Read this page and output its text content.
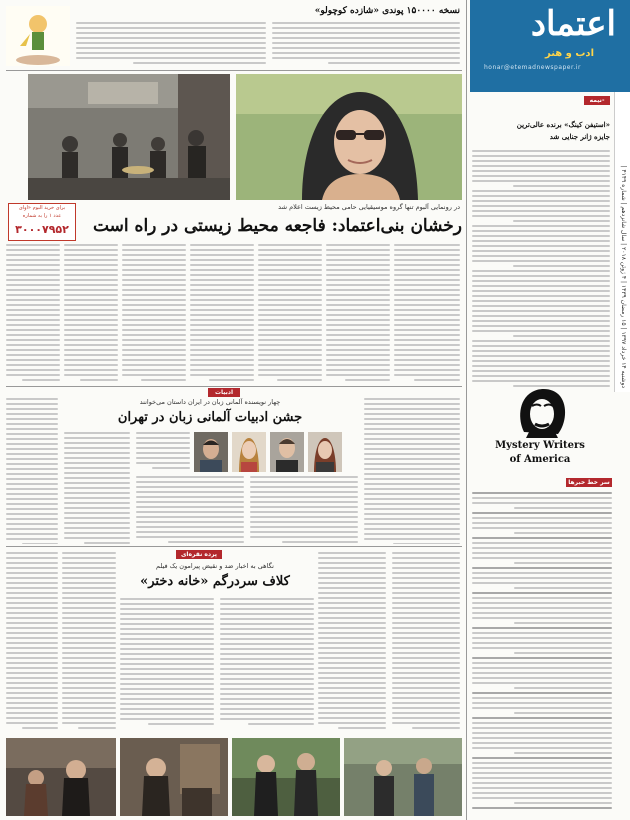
اعتماد
ادب و هنر
honar@etemadnewspaper.ir
دوشنبه ۱۴ خرداد ۱۳۹۷ | ۱۵ رمضان ۱۴۳۹ | ۴ ژوئن ۲۰۱۸ | سال شانزدهم | شماره ۴۱۴۹ |
نیمه-
«استیفن کینگ» برنده عالی‌ترین
جایزه ژانر جنایی شد
Mystery Writers
of America
سر خط خبرها
نسخه ۱۵۰۰۰۰ پوندی «شازده کوچولو»
در رونمایی آلبوم تنها گروه موسیقیایی حامی محیط زیست اعلام شد
رخشان بنی‌اعتماد: فاجعه محیط زیستی در راه است
برای خرید آلبوم «آوای
عدد ۱ را به شماره
۳۰۰۰۷۹۵۲
ادبیات
چهار نویسنده آلمانی زبان در ایران داستان می‌خوانند
جشن ادبیات آلمانی زبان در تهران
پرده نقره‌ای
نگاهی به اخبار ضد و نقیض پیرامون یک فیلم
کلاف سردرگم «خانه دختر»
